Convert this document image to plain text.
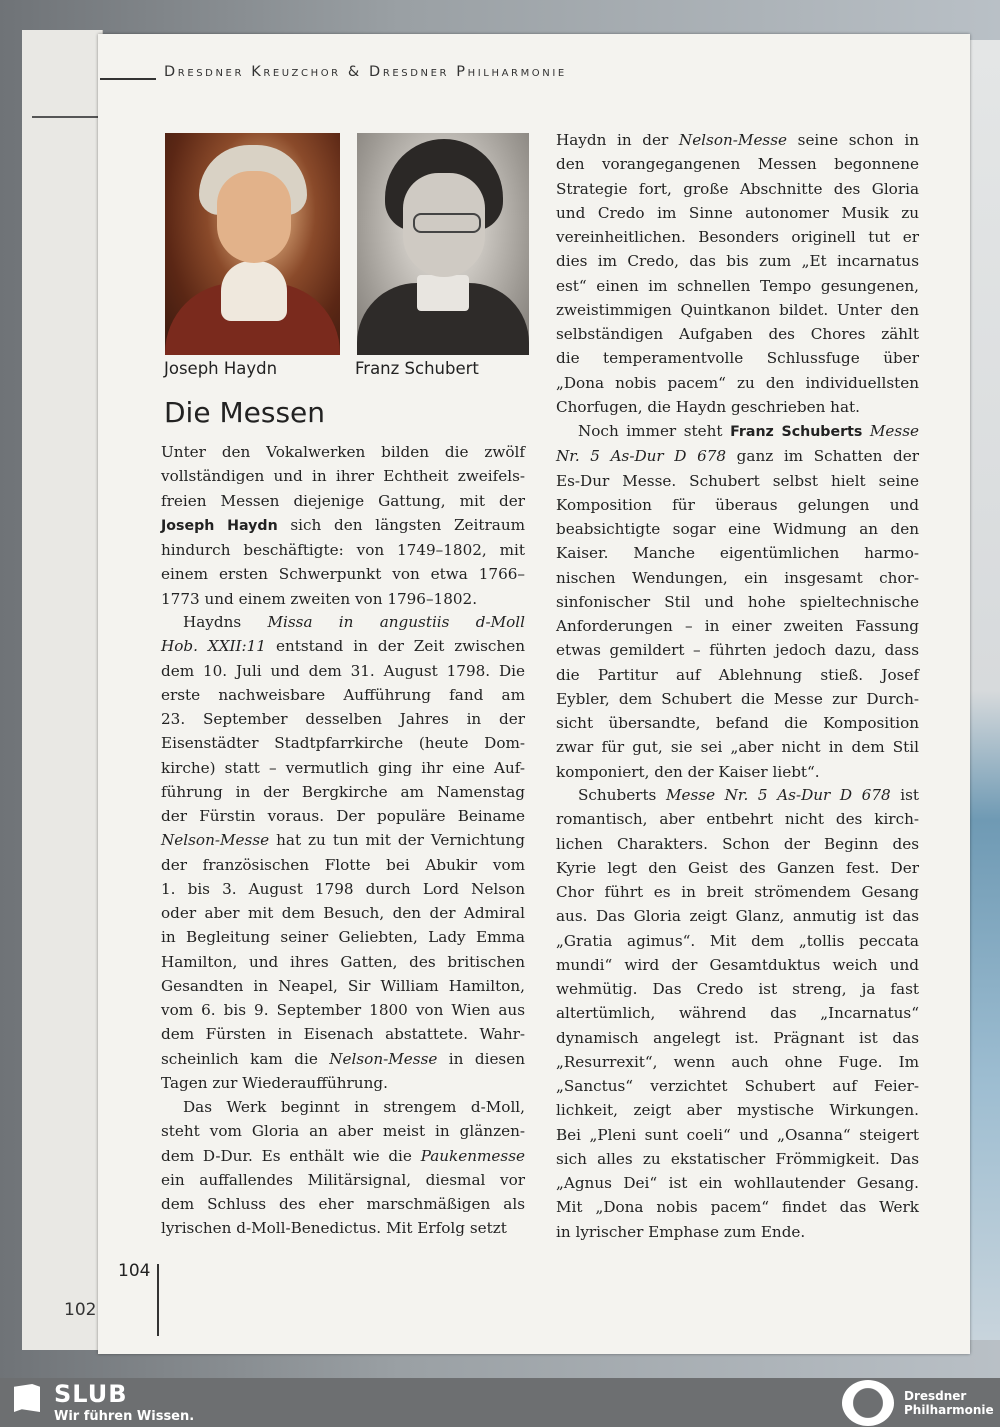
102
Dresdner Kreuzchor & Dresdner Philharmonie
Joseph Haydn	Franz Schubert
Die Messen
Unter den Vokalwerken bilden die zwölf
vollständigen und in ihrer Echtheit zweifels-
freien Messen diejenige Gattung, mit der
Joseph Haydn sich den längsten Zeitraum
hindurch beschäftigte: von 1749–1802, mit
einem ersten Schwerpunkt von etwa 1766–
1773 und einem zweiten von 1796–1802.
Haydns Missa in angustiis d-Moll
Hob. XXII:11 entstand in der Zeit zwischen
dem 10. Juli und dem 31. August 1798. Die
erste nachweisbare Aufführung fand am
23. September desselben Jahres in der
Eisenstädter Stadtpfarrkirche (heute Dom-
kirche) statt – vermutlich ging ihr eine Auf-
führung in der Bergkirche am Namenstag
der Fürstin voraus. Der populäre Beiname
Nelson-Messe hat zu tun mit der Vernichtung
der französischen Flotte bei Abukir vom
1. bis 3. August 1798 durch Lord Nelson
oder aber mit dem Besuch, den der Admiral
in Begleitung seiner Geliebten, Lady Emma
Hamilton, und ihres Gatten, des britischen
Gesandten in Neapel, Sir William Hamilton,
vom 6. bis 9. September 1800 von Wien aus
dem Fürsten in Eisenach abstattete. Wahr-
scheinlich kam die Nelson-Messe in diesen
Tagen zur Wiederaufführung.
Das Werk beginnt in strengem d-Moll,
steht vom Gloria an aber meist in glänzen-
dem D-Dur. Es enthält wie die Paukenmesse
ein auffallendes Militärsignal, diesmal vor
dem Schluss des eher marschmäßigen als
lyrischen d-Moll-Benedictus. Mit Erfolg setzt
Haydn in der Nelson-Messe seine schon in
den vorangegangenen Messen begonnene
Strategie fort, große Abschnitte des Gloria
und Credo im Sinne autonomer Musik zu
vereinheitlichen. Besonders originell tut er
dies im Credo, das bis zum „Et incarnatus
est“ einen im schnellen Tempo gesungenen,
zweistimmigen Quintkanon bildet. Unter den
selbständigen Aufgaben des Chores zählt
die temperamentvolle Schlussfuge über
„Dona nobis pacem“ zu den individuellsten
Chorfugen, die Haydn geschrieben hat.
Noch immer steht Franz Schuberts Messe
Nr. 5 As-Dur D 678 ganz im Schatten der
Es-Dur Messe. Schubert selbst hielt seine
Komposition für überaus gelungen und
beabsichtigte sogar eine Widmung an den
Kaiser. Manche eigentümlichen harmo-
nischen Wendungen, ein insgesamt chor-
sinfonischer Stil und hohe spieltechnische
Anforderungen – in einer zweiten Fassung
etwas gemildert – führten jedoch dazu, dass
die Partitur auf Ablehnung stieß. Josef
Eybler, dem Schubert die Messe zur Durch-
sicht übersandte, befand die Komposition
zwar für gut, sie sei „aber nicht in dem Stil
komponiert, den der Kaiser liebt“.
Schuberts Messe Nr. 5 As-Dur D 678 ist
romantisch, aber entbehrt nicht des kirch-
lichen Charakters. Schon der Beginn des
Kyrie legt den Geist des Ganzen fest. Der
Chor führt es in breit strömendem Gesang
aus. Das Gloria zeigt Glanz, anmutig ist das
„Gratia agimus“. Mit dem „tollis peccata
mundi“ wird der Gesamtduktus weich und
wehmütig. Das Credo ist streng, ja fast
altertümlich, während das „Incarnatus“
dynamisch angelegt ist. Prägnant ist das
„Resurrexit“, wenn auch ohne Fuge. Im
„Sanctus“ verzichtet Schubert auf Feier-
lichkeit, zeigt aber mystische Wirkungen.
Bei „Pleni sunt coeli“ und „Osanna“ steigert
sich alles zu ekstatischer Frömmigkeit. Das
„Agnus Dei“ ist ein wohllautender Gesang.
Mit „Dona nobis pacem“ findet das Werk
in lyrischer Emphase zum Ende.
104
SLUB
Wir führen Wissen.
Dresdner
Philharmonie
